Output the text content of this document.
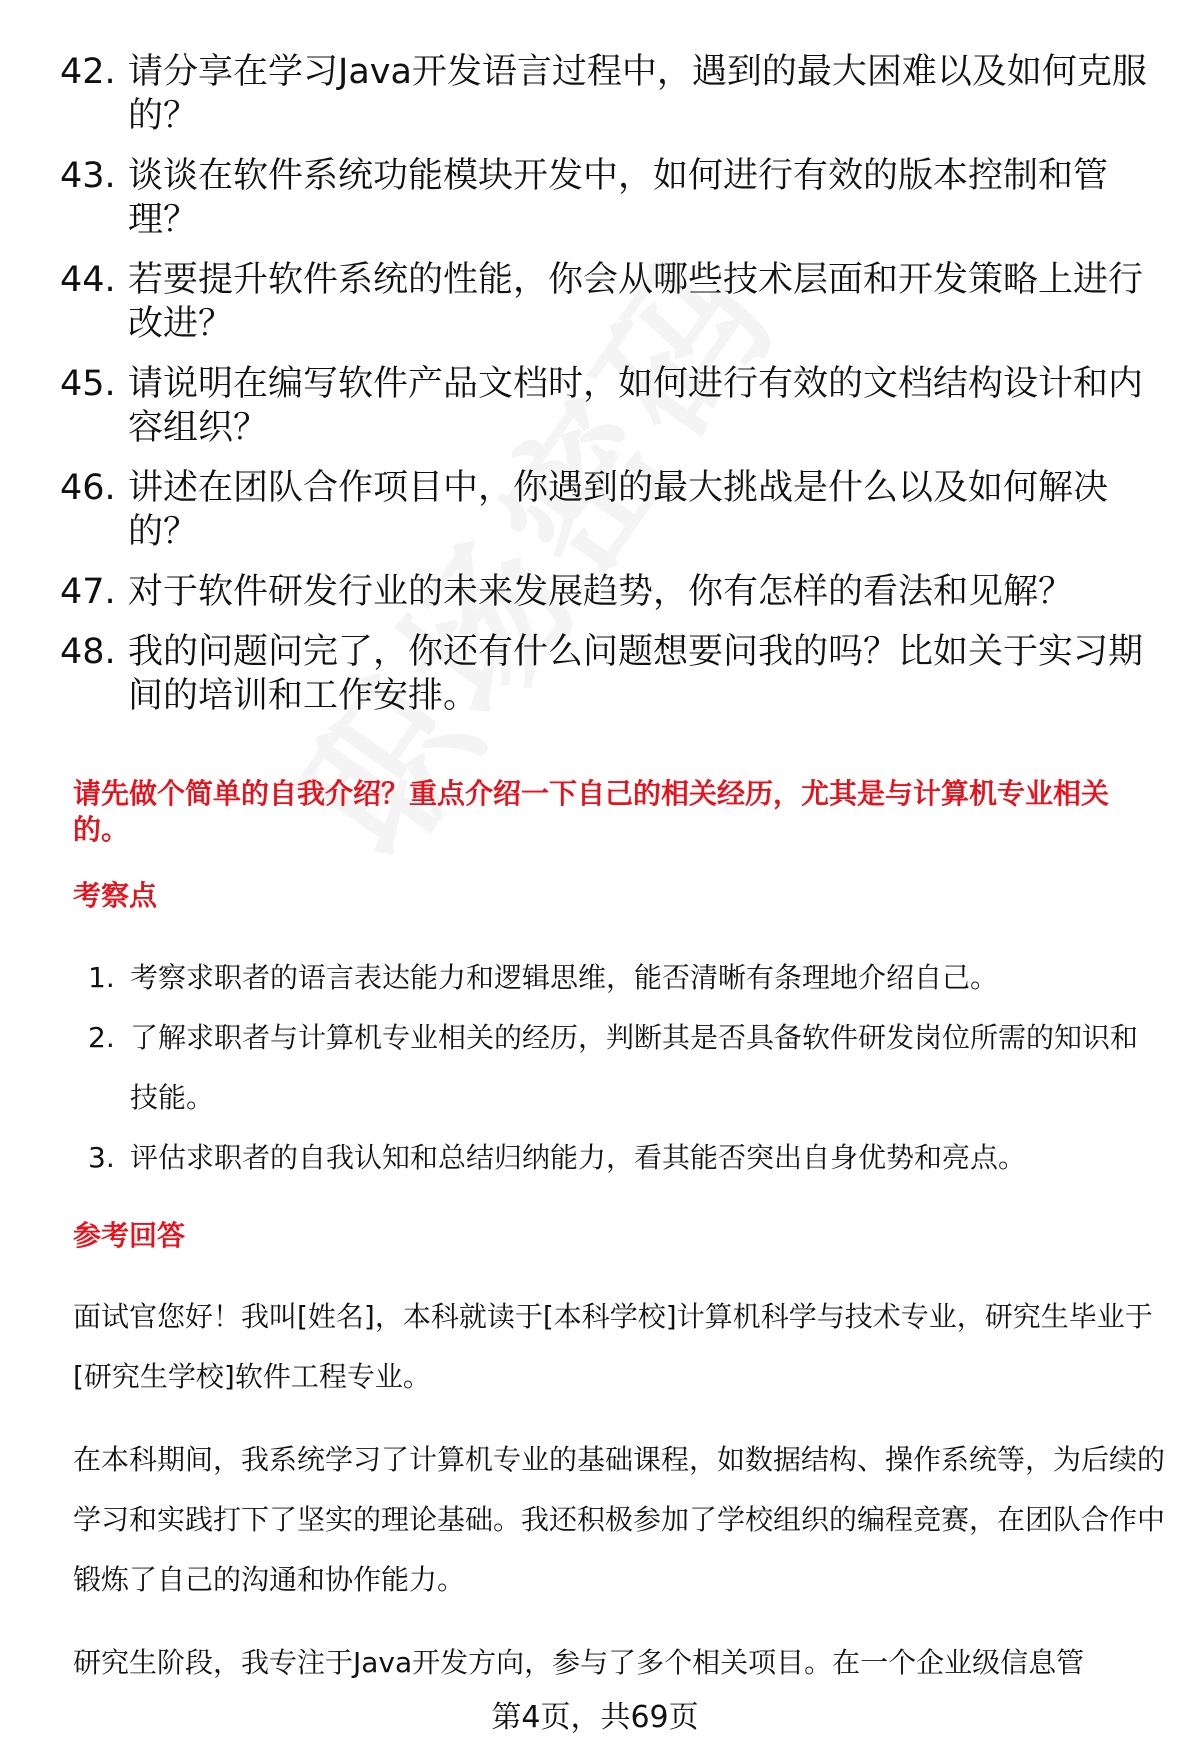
42. 请分享在学习Java开发语言过程中，遇到的最大困难以及如何克服的？
43. 谈谈在软件系统功能模块开发中，如何进行有效的版本控制和管理？
44. 若要提升软件系统的性能，你会从哪些技术层面和开发策略上进行改进？
45. 请说明在编写软件产品文档时，如何进行有效的文档结构设计和内容组织？
46. 讲述在团队合作项目中，你遇到的最大挑战是什么以及如何解决的？
47. 对于软件研发行业的未来发展趋势，你有怎样的看法和见解？
48. 我的问题问完了，你还有什么问题想要问我的吗？比如关于实习期间的培训和工作安排。
请先做个简单的自我介绍？重点介绍一下自己的相关经历，尤其是与计算机专业相关的。
考察点
1. 考察求职者的语言表达能力和逻辑思维，能否清晰有条理地介绍自己。
2. 了解求职者与计算机专业相关的经历，判断其是否具备软件研发岗位所需的知识和技能。
3. 评估求职者的自我认知和总结归纳能力，看其能否突出自身优势和亮点。
参考回答

面试官您好！我叫[姓名]，本科就读于[本科学校]计算机科学与技术专业，研究生毕业于[研究生学校]软件工程专业。

在本科期间，我系统学习了计算机专业的基础课程，如数据结构、操作系统等，为后续的学习和实践打下了坚实的理论基础。我还积极参加了学校组织的编程竞赛，在团队合作中锻炼了自己的沟通和协作能力。

研究生阶段，我专注于Java开发方向，参与了多个相关项目。在一个企业级信息管

第4页，共69页
